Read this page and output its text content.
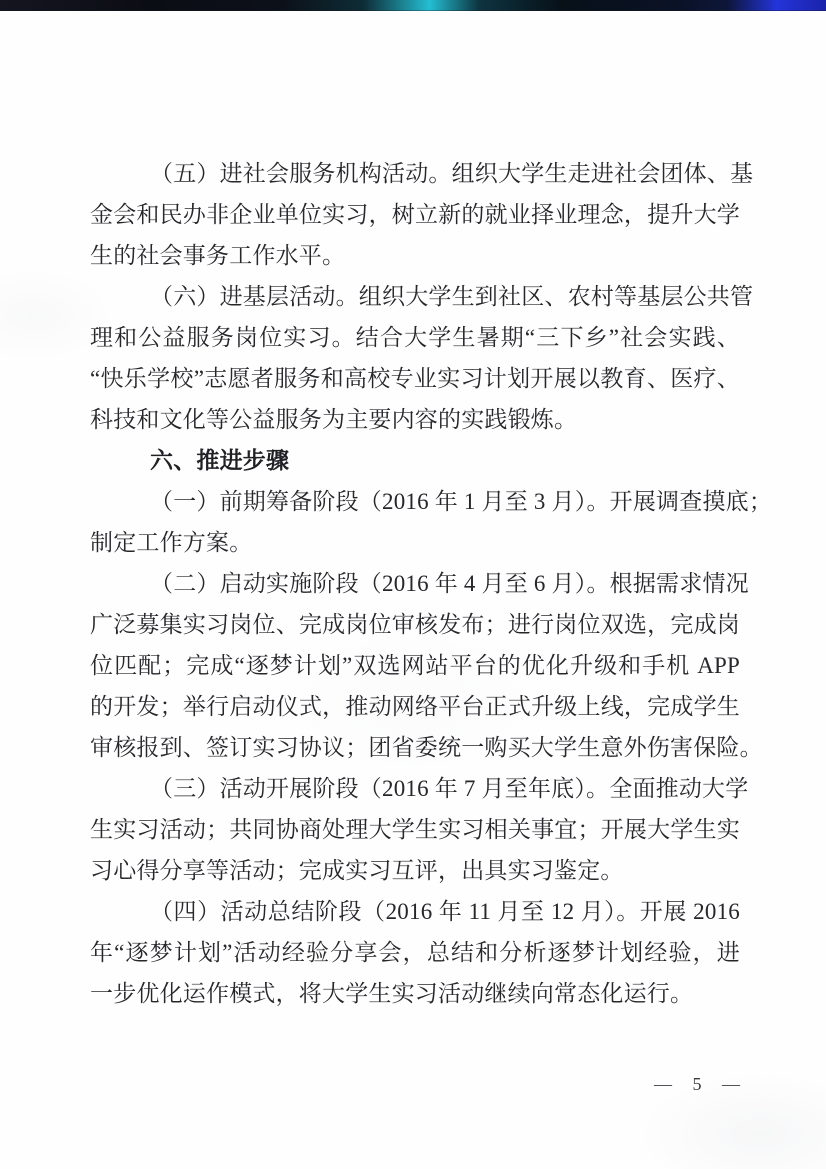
（五）进社会服务机构活动。组织大学生走进社会团体、基
金会和民办非企业单位实习，树立新的就业择业理念，提升大学
生的社会事务工作水平。
（六）进基层活动。组织大学生到社区、农村等基层公共管
理和公益服务岗位实习。结合大学生暑期“三下乡”社会实践、
“快乐学校”志愿者服务和高校专业实习计划开展以教育、医疗、
科技和文化等公益服务为主要内容的实践锻炼。
六、推进步骤
（一）前期筹备阶段（2016 年 1 月至 3 月）。开展调查摸底；
制定工作方案。
（二）启动实施阶段（2016 年 4 月至 6 月）。根据需求情况
广泛募集实习岗位、完成岗位审核发布；进行岗位双选，完成岗
位匹配；完成“逐梦计划”双选网站平台的优化升级和手机 APP
的开发；举行启动仪式，推动网络平台正式升级上线，完成学生
审核报到、签订实习协议；团省委统一购买大学生意外伤害保险。
（三）活动开展阶段（2016 年 7 月至年底）。全面推动大学
生实习活动；共同协商处理大学生实习相关事宜；开展大学生实
习心得分享等活动；完成实习互评，出具实习鉴定。
（四）活动总结阶段（2016 年 11 月至 12 月）。开展 2016
年“逐梦计划”活动经验分享会，总结和分析逐梦计划经验，进
一步优化运作模式，将大学生实习活动继续向常态化运行。
— 5 —
